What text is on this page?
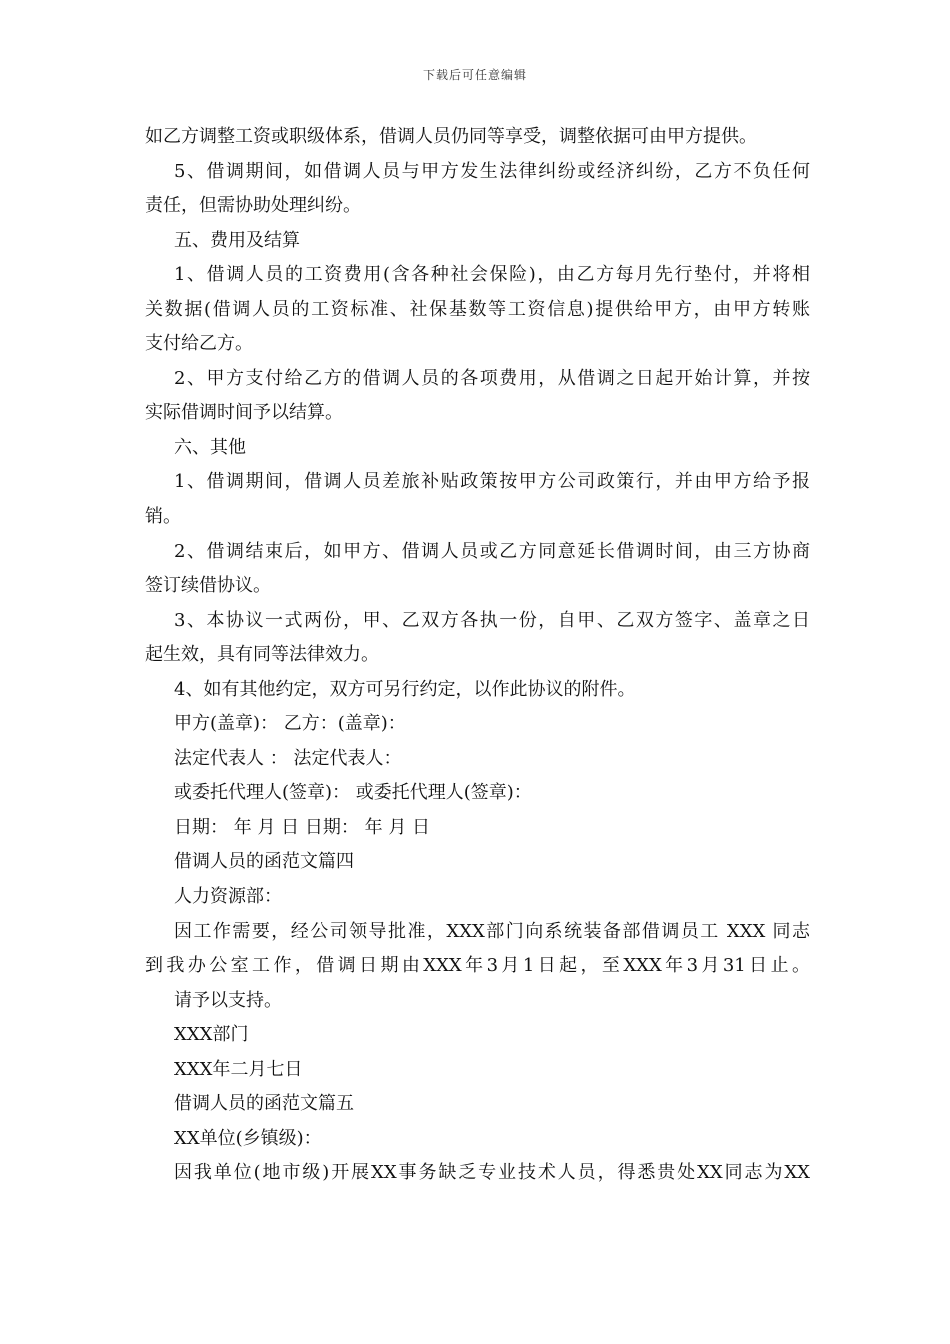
下载后可任意编辑
如乙方调整工资或职级体系，借调人员仍同等享受，调整依据可由甲方提供。
5、借调期间，如借调人员与甲方发生法律纠纷或经济纠纷，乙方不负任何
责任，但需协助处理纠纷。
五、费用及结算
1、借调人员的工资费用(含各种社会保险)，由乙方每月先行垫付，并将相
关数据(借调人员的工资标准、社保基数等工资信息)提供给甲方，由甲方转账
支付给乙方。
2、甲方支付给乙方的借调人员的各项费用，从借调之日起开始计算，并按
实际借调时间予以结算。
六、其他
1、借调期间，借调人员差旅补贴政策按甲方公司政策行，并由甲方给予报
销。
2、借调结束后，如甲方、借调人员或乙方同意延长借调时间，由三方协商
签订续借协议。
3、本协议一式两份，甲、乙双方各执一份，自甲、乙双方签字、盖章之日
起生效，具有同等法律效力。
4、如有其他约定，双方可另行约定，以作此协议的附件。
甲方(盖章)： 乙方：(盖章)：
法定代表人 ： 法定代表人：
或委托代理人(签章)： 或委托代理人(签章)：
日期： 年 月 日 日期： 年 月 日
借调人员的函范文篇四
人力资源部：
因工作需要，经公司领导批准，XXX部门向系统装备部借调员工 XXX 同志
到我办公室工作，借调日期由XXX年3月1日起，至XXX年3月31日止。
请予以支持。
XXX部门
XXX年二月七日
借调人员的函范文篇五
XX单位(乡镇级)：
因我单位(地市级)开展XX事务缺乏专业技术人员，得悉贵处XX同志为XX
